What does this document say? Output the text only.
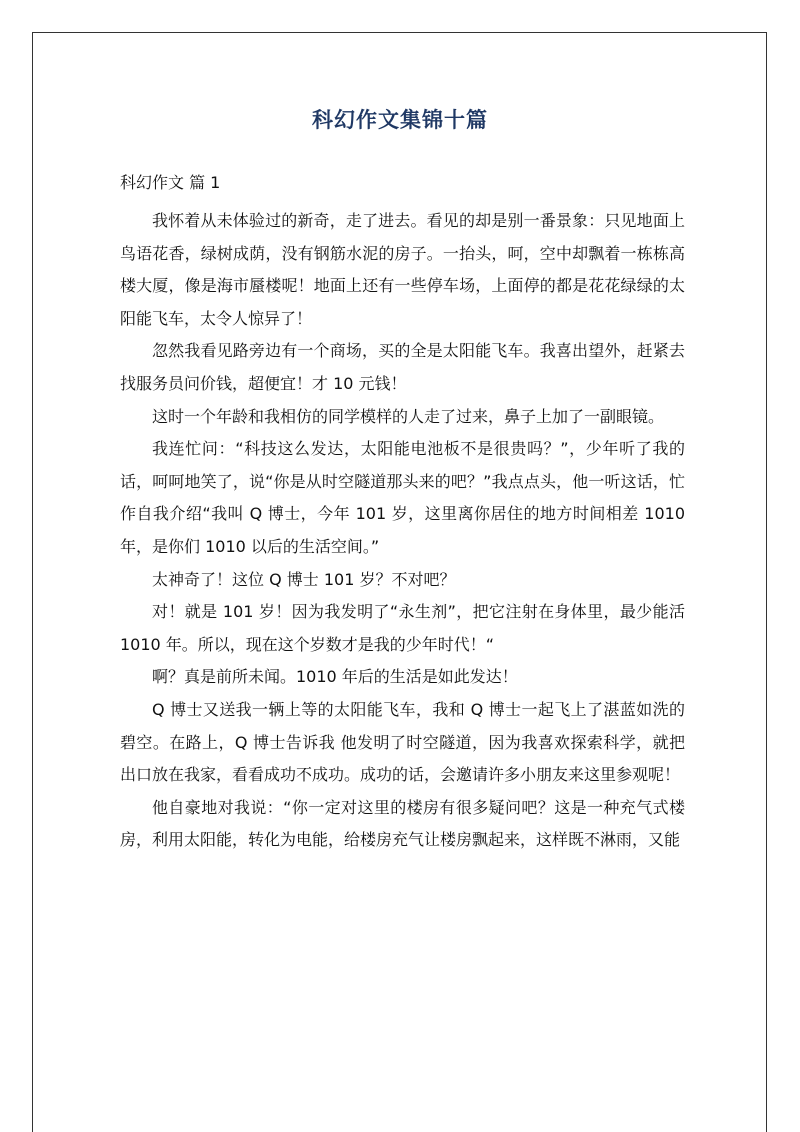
科幻作文集锦十篇
科幻作文 篇 1

我怀着从未体验过的新奇，走了进去。看见的却是别一番景象：只见地面上鸟语花香，绿树成荫，没有钢筋水泥的房子。一抬头，呵，空中却飘着一栋栋高楼大厦，像是海市蜃楼呢！地面上还有一些停车场，上面停的都是花花绿绿的太阳能飞车，太令人惊异了！

忽然我看见路旁边有一个商场，买的全是太阳能飞车。我喜出望外，赶紧去找服务员问价钱，超便宜！才 10 元钱！

这时一个年龄和我相仿的同学模样的人走了过来，鼻子上加了一副眼镜。

我连忙问：“科技这么发达，太阳能电池板不是很贵吗？”，少年听了我的话，呵呵地笑了，说“你是从时空隧道那头来的吧？”我点点头，他一听这话，忙作自我介绍“我叫 Q 博士，今年 101 岁，这里离你居住的地方时间相差 1010 年，是你们 1010 以后的生活空间。”

太神奇了！这位 Q 博士 101 岁？不对吧？

对！就是 101 岁！因为我发明了“永生剂”，把它注射在身体里，最少能活 1010 年。所以，现在这个岁数才是我的少年时代！“

啊？真是前所未闻。1010 年后的生活是如此发达！

Q 博士又送我一辆上等的太阳能飞车，我和 Q 博士一起飞上了湛蓝如洗的碧空。在路上，Q 博士告诉我 他发明了时空隧道，因为我喜欢探索科学，就把出口放在我家，看看成功不成功。成功的话，会邀请许多小朋友来这里参观呢！

他自豪地对我说：“你一定对这里的楼房有很多疑问吧？这是一种充气式楼房，利用太阳能，转化为电能，给楼房充气让楼房飘起来，这样既不淋雨，又能
